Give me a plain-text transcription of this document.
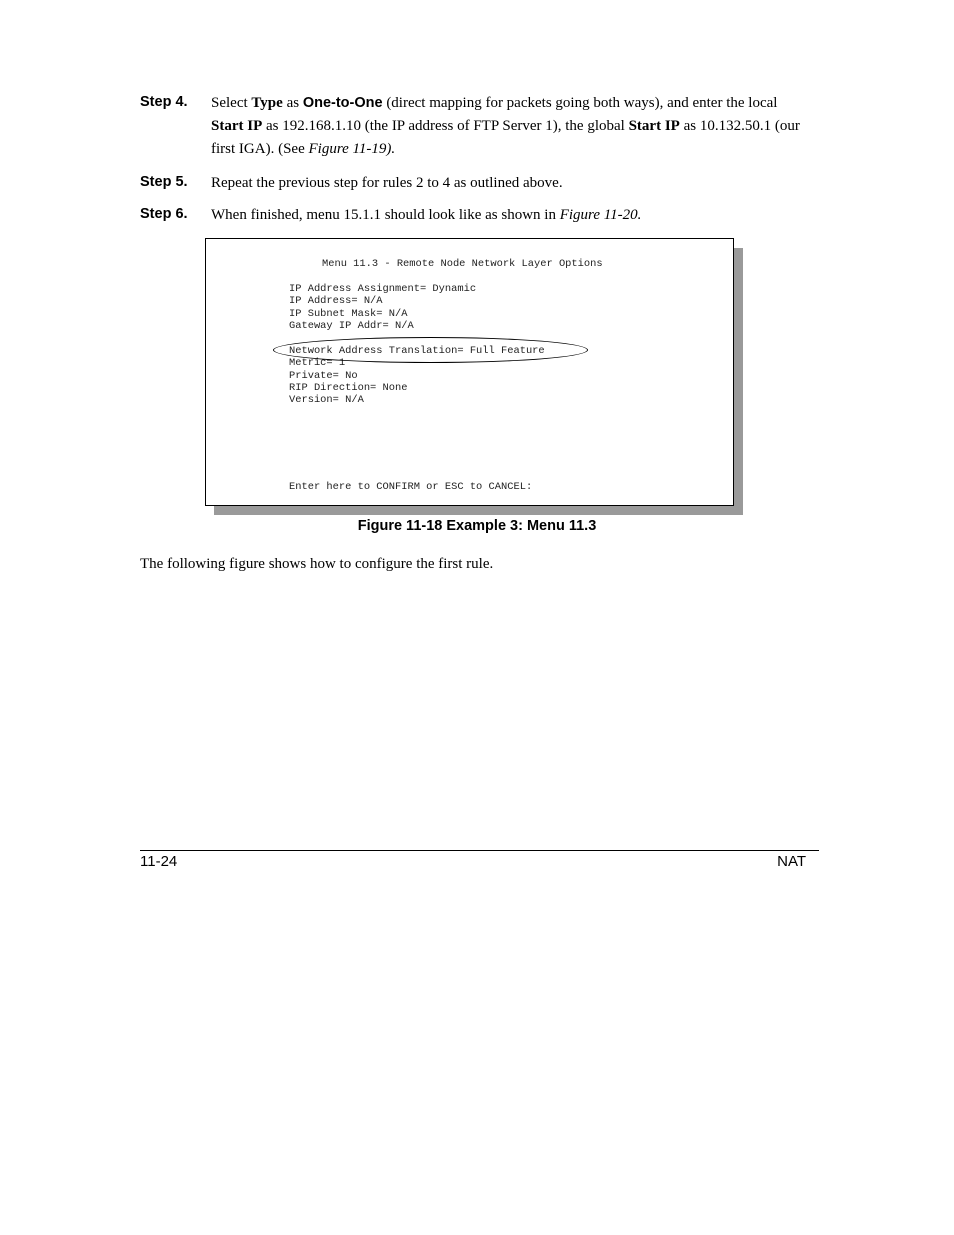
Step 4. Select Type as One-to-One (direct mapping for packets going both ways), and enter the local Start IP as 192.168.1.10 (the IP address of FTP Server 1), the global Start IP as 10.132.50.1 (our first IGA). (See Figure 11-19).
Step 5. Repeat the previous step for rules 2 to 4 as outlined above.
Step 6. When finished, menu 15.1.1 should look like as shown in Figure 11-20.
Menu 11.3 - Remote Node Network Layer Options
IP Address Assignment= Dynamic
IP Address= N/A
IP Subnet Mask= N/A
Gateway IP Addr= N/A
Network Address Translation= Full Feature
Metric= 1
Private= No
RIP Direction= None
Version= N/A
Enter here to CONFIRM or ESC to CANCEL:
Figure 11-18 Example 3: Menu 11.3
The following figure shows how to configure the first rule.
11-24	NAT
